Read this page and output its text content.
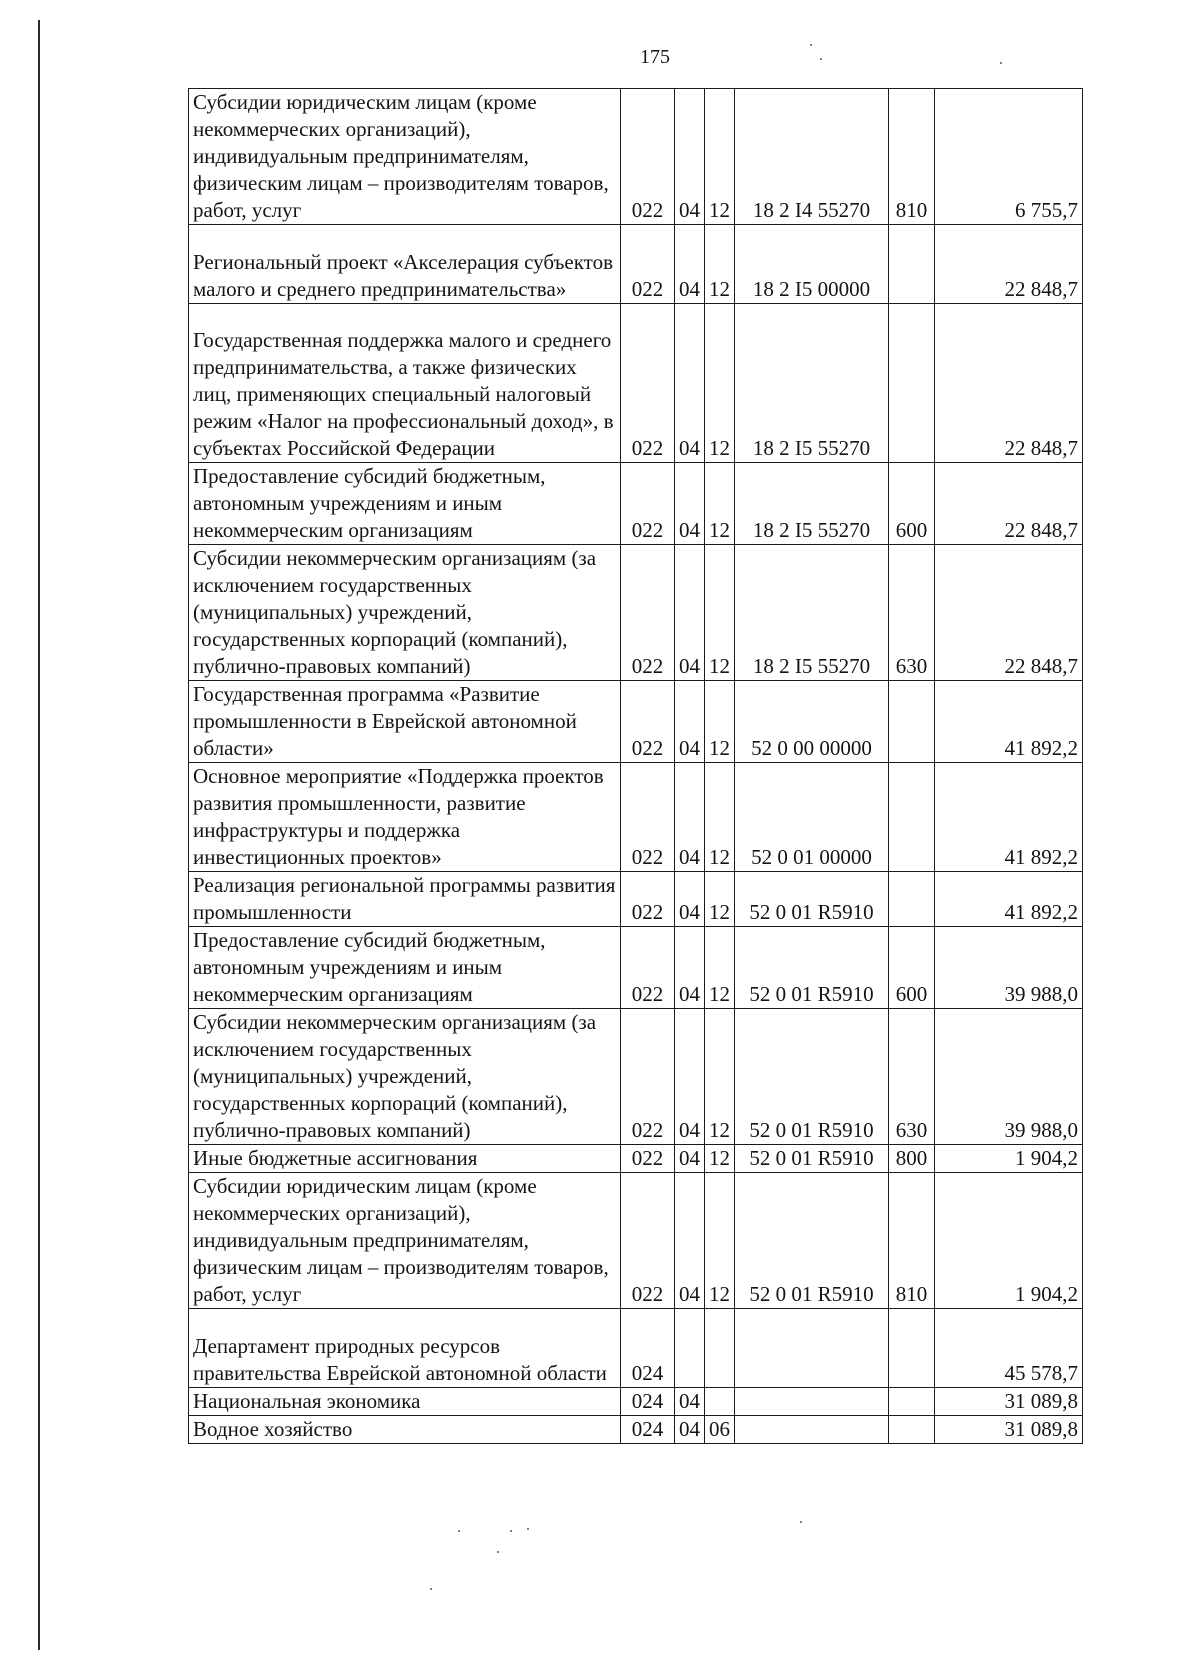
175
Субсидии юридическим лицам (кроме некоммерческих организаций), индивидуальным предпринимателям, физическим лицам – производителям товаров, работ, услуг	022	04	12	18 2 I4 55270	810	6 755,7
Региональный проект «Акселерация субъектов малого и среднего предпринимательства»	022	04	12	18 2 I5 00000		22 848,7
Государственная поддержка малого и среднего предпринимательства, а также физических лиц, применяющих специальный налоговый режим «Налог на профессиональный доход», в субъектах Российской Федерации	022	04	12	18 2 I5 55270		22 848,7
Предоставление субсидий бюджетным, автономным учреждениям и иным некоммерческим организациям	022	04	12	18 2 I5 55270	600	22 848,7
Субсидии некоммерческим организациям (за исключением государственных (муниципальных) учреждений, государственных корпораций (компаний), публично-правовых компаний)	022	04	12	18 2 I5 55270	630	22 848,7
Государственная программа «Развитие промышленности в Еврейской автономной области»	022	04	12	52 0 00 00000		41 892,2
Основное мероприятие «Поддержка проектов развития промышленности, развитие инфраструктуры и поддержка инвестиционных проектов»	022	04	12	52 0 01 00000		41 892,2
Реализация региональной программы развития промышленности	022	04	12	52 0 01 R5910		41 892,2
Предоставление субсидий бюджетным, автономным учреждениям и иным некоммерческим организациям	022	04	12	52 0 01 R5910	600	39 988,0
Субсидии некоммерческим организациям (за исключением государственных (муниципальных) учреждений, государственных корпораций (компаний), публично-правовых компаний)	022	04	12	52 0 01 R5910	630	39 988,0
Иные бюджетные ассигнования	022	04	12	52 0 01 R5910	800	1 904,2
Субсидии юридическим лицам (кроме некоммерческих организаций), индивидуальным предпринимателям, физическим лицам – производителям товаров, работ, услуг	022	04	12	52 0 01 R5910	810	1 904,2
Департамент природных ресурсов правительства Еврейской автономной области	024					45 578,7
Национальная экономика	024	04				31 089,8
Водное хозяйство	024	04	06			31 089,8
